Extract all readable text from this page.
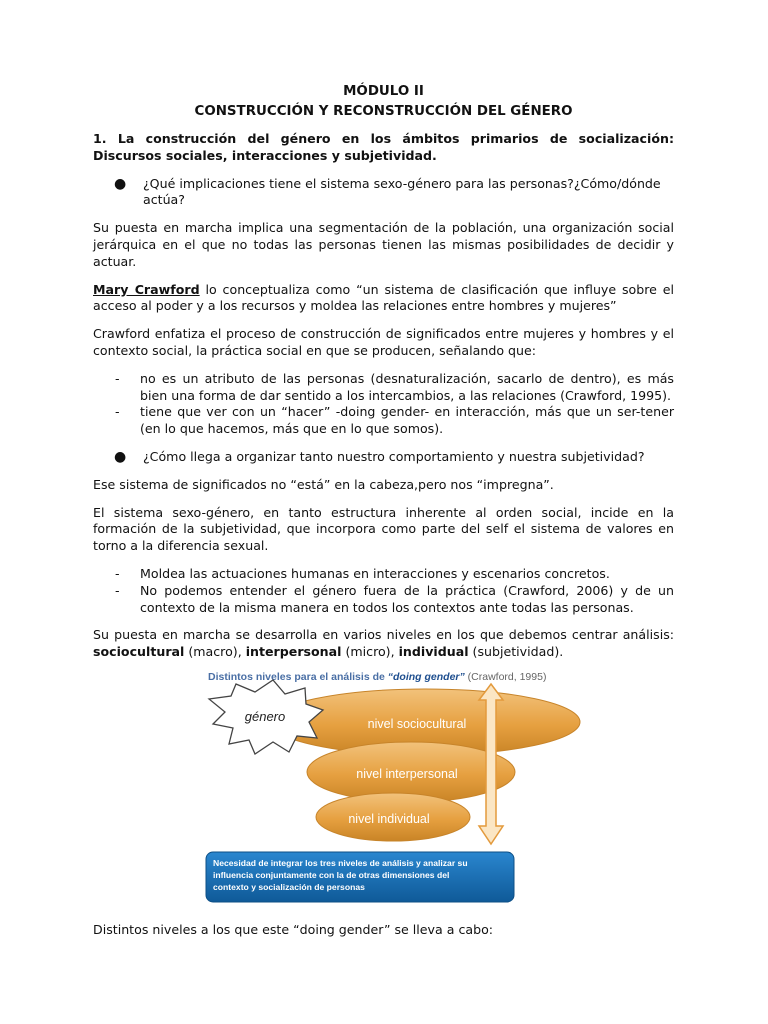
MÓDULO II
CONSTRUCCIÓN Y RECONSTRUCCIÓN DEL GÉNERO

1. La construcción del género en los ámbitos primarios de socialización: Discursos sociales, interacciones y subjetividad.

● ¿Qué implicaciones tiene el sistema sexo-género para las personas?¿Cómo/dónde actúa?

Su puesta en marcha implica una segmentación de la población, una organización social jerárquica en el que no todas las personas tienen las mismas posibilidades de decidir y actuar.

Mary Crawford lo conceptualiza como “un sistema de clasificación que influye sobre el acceso al poder y a los recursos y moldea las relaciones entre hombres y mujeres”

Crawford enfatiza el proceso de construcción de significados entre mujeres y hombres y el contexto social, la práctica social en que se producen, señalando que:

- no es un atributo de las personas (desnaturalización, sacarlo de dentro), es más bien una forma de dar sentido a los intercambios, a las relaciones (Crawford, 1995).
- tiene que ver con un “hacer” -doing gender- en interacción, más que un ser-tener (en lo que hacemos, más que en lo que somos).
● ¿Cómo llega a organizar tanto nuestro comportamiento y nuestra subjetividad?

Ese sistema de significados no “está” en la cabeza,pero nos “impregna”.

El sistema sexo-género, en tanto estructura inherente al orden social, incide en la formación de la subjetividad, que incorpora como parte del self el sistema de valores en torno a la diferencia sexual.

- Moldea las actuaciones humanas en interacciones y escenarios concretos.
- No podemos entender el género fuera de la práctica (Crawford, 2006) y de un contexto de la misma manera en todos los contextos ante todas las personas.

Su puesta en marcha se desarrolla en varios niveles en los que debemos centrar análisis: sociocultural (macro), interpersonal (micro), individual (subjetividad).

Distintos niveles para el análisis de “doing gender” (Crawford, 1995)
nivel sociocultural
nivel interpersonal
nivel individual
género
Necesidad de integrar los tres niveles de análisis y analizar su
influencia conjuntamente con la de otras dimensiones del
contexto y socialización de personas

Distintos niveles a los que este “doing gender” se lleva a cabo:
